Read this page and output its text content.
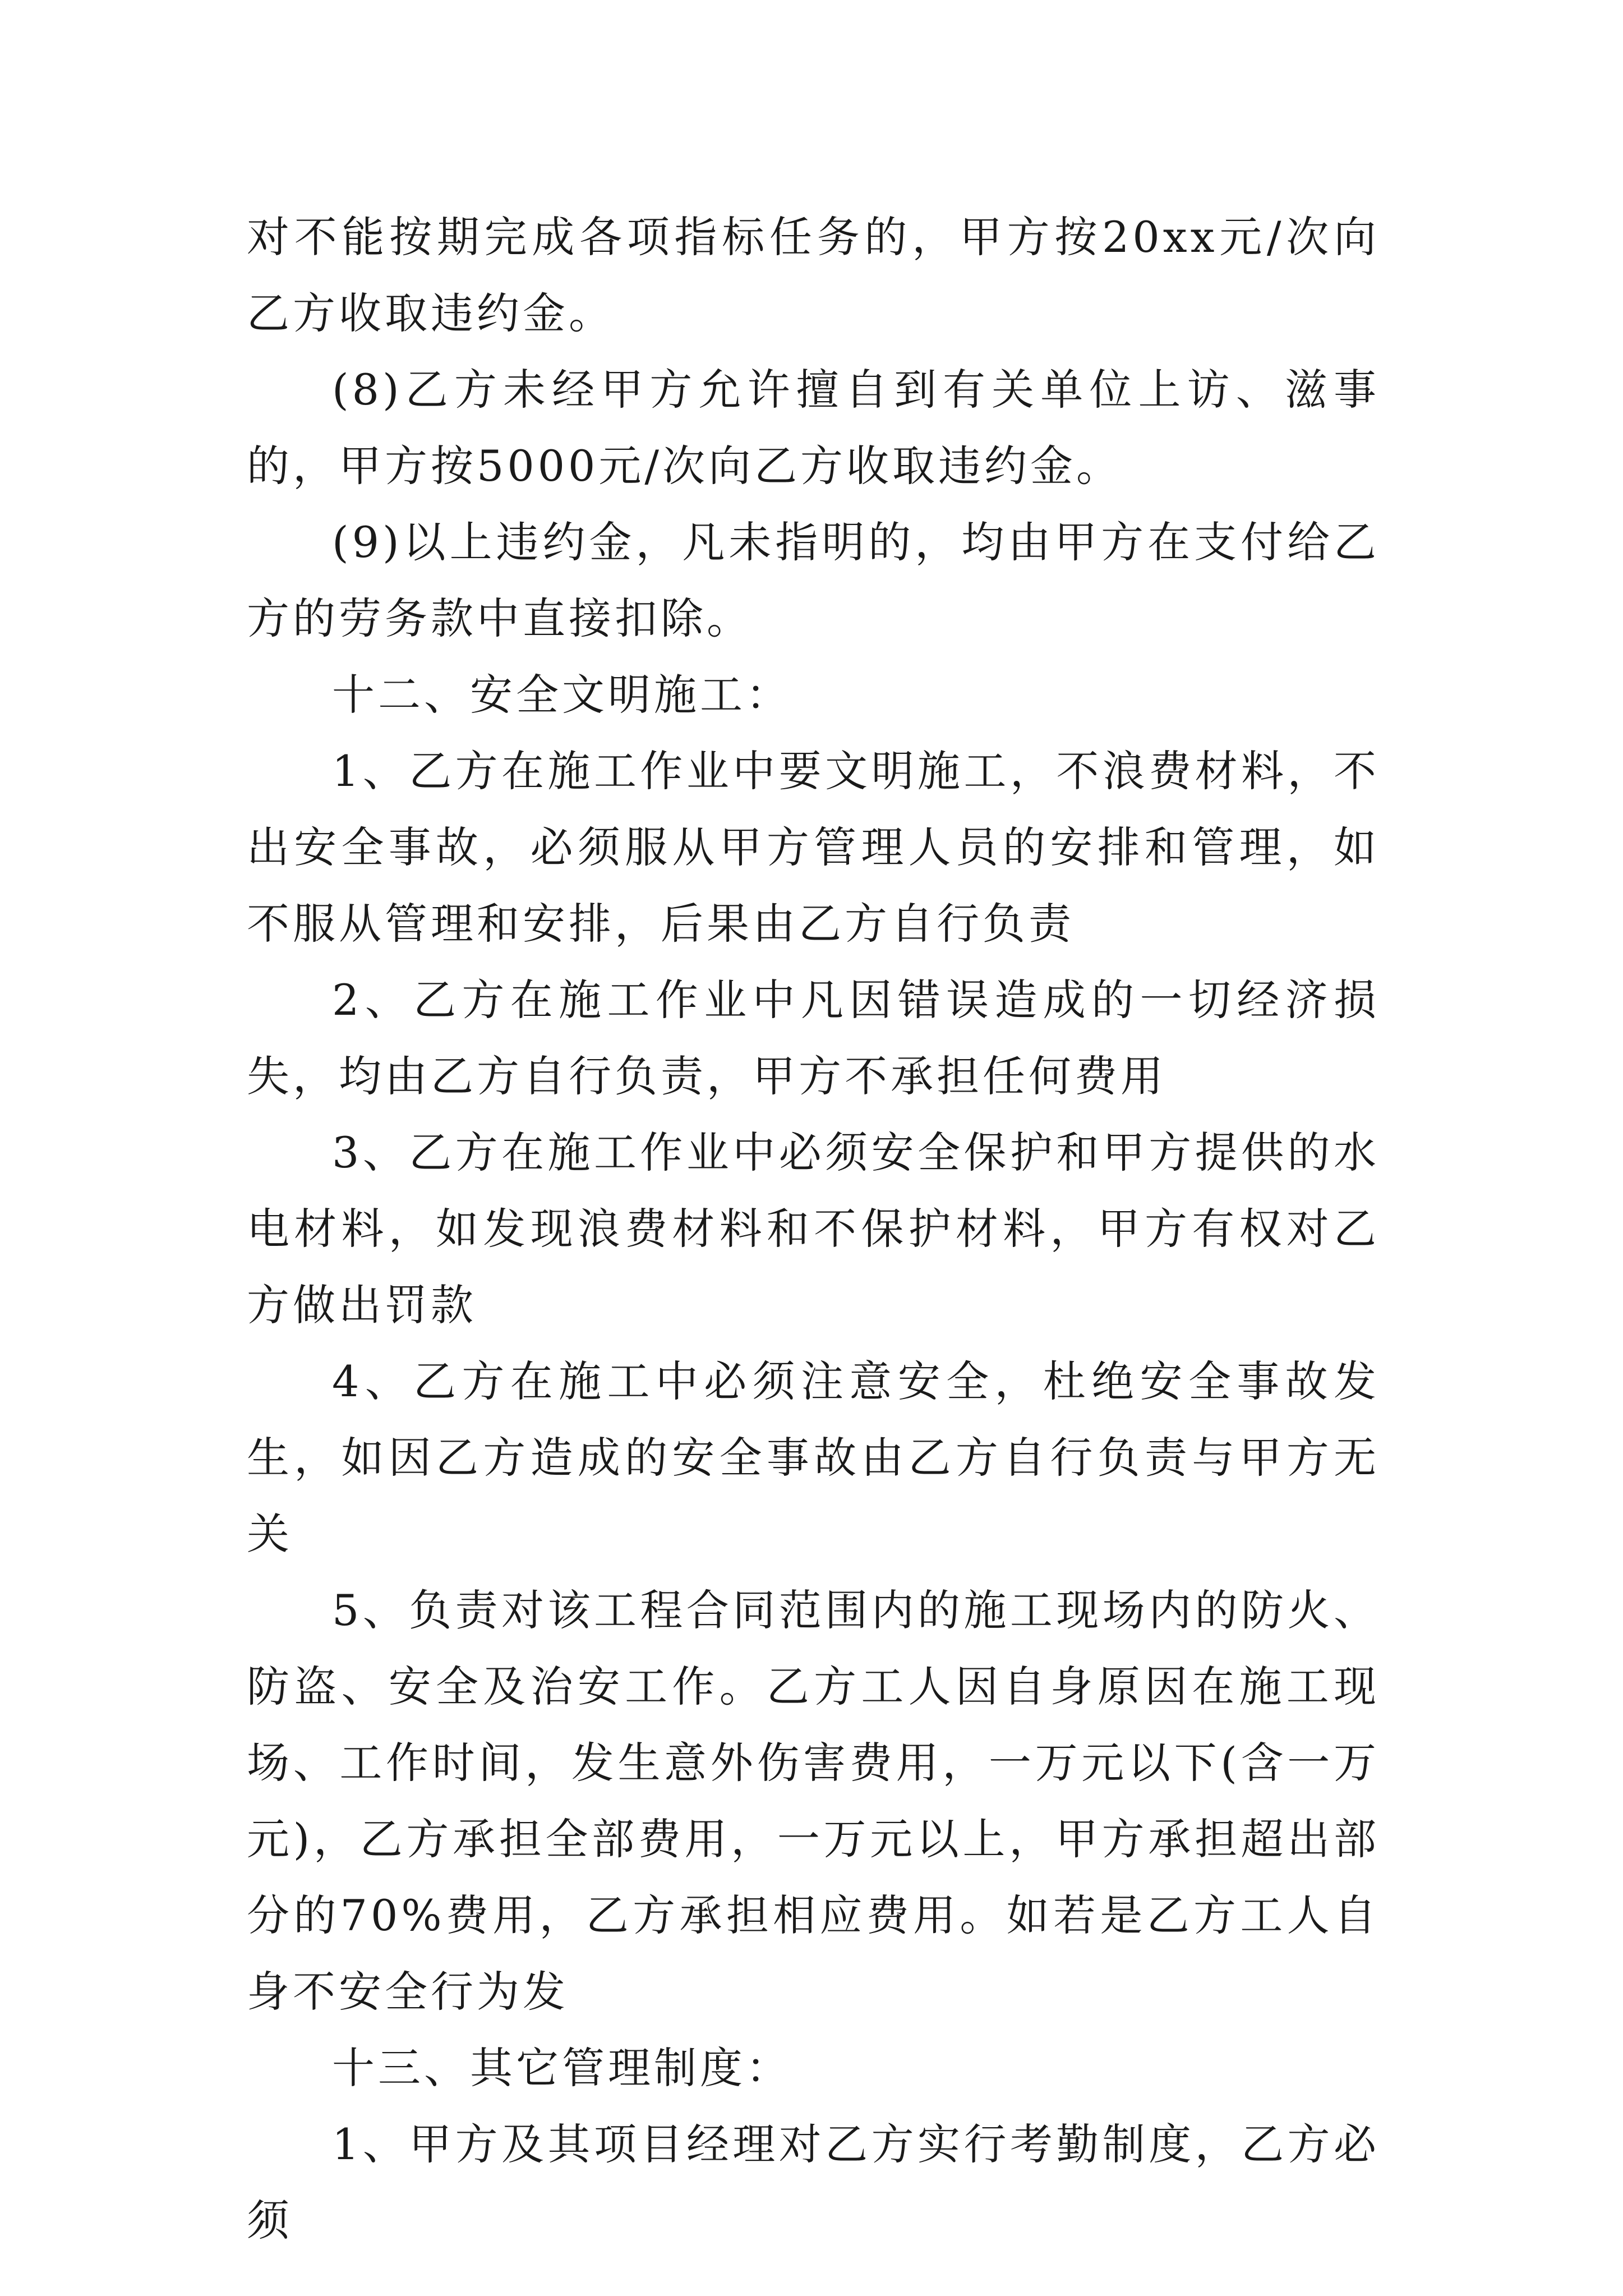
对不能按期完成各项指标任务的，甲方按20xx元/次向乙方收取违约金。

(8)乙方未经甲方允许擅自到有关单位上访、滋事的，甲方按5000元/次向乙方收取违约金。

(9)以上违约金，凡未指明的，均由甲方在支付给乙方的劳务款中直接扣除。

十二、安全文明施工：

1、乙方在施工作业中要文明施工，不浪费材料，不出安全事故，必须服从甲方管理人员的安排和管理，如不服从管理和安排，后果由乙方自行负责

2、乙方在施工作业中凡因错误造成的一切经济损失，均由乙方自行负责，甲方不承担任何费用

3、乙方在施工作业中必须安全保护和甲方提供的水电材料，如发现浪费材料和不保护材料，甲方有权对乙方做出罚款

4、乙方在施工中必须注意安全，杜绝安全事故发生，如因乙方造成的安全事故由乙方自行负责与甲方无关

5、负责对该工程合同范围内的施工现场内的防火、防盗、安全及治安工作。乙方工人因自身原因在施工现场、工作时间，发生意外伤害费用，一万元以下(含一万元)，乙方承担全部费用，一万元以上，甲方承担超出部分的70%费用，乙方承担相应费用。如若是乙方工人自身不安全行为发

十三、其它管理制度：

1、甲方及其项目经理对乙方实行考勤制度，乙方必须
